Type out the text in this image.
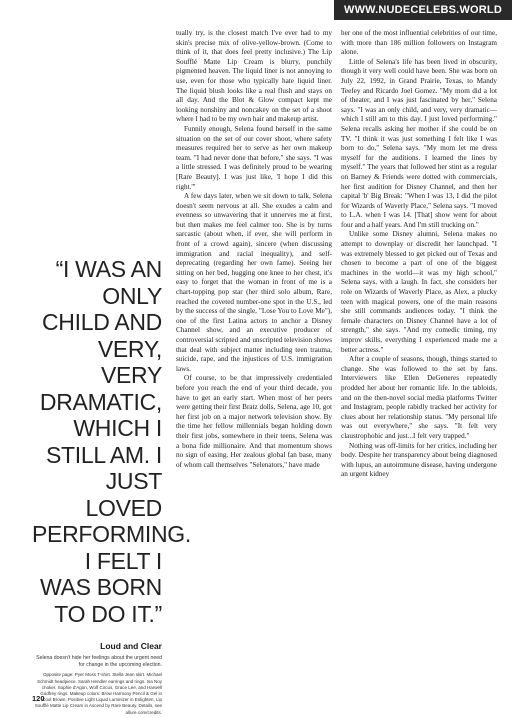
WWW.NUDECELEBS.WORLD
“I WAS AN ONLY CHILD AND VERY, VERY DRAMATIC, WHICH I STILL AM. I JUST LOVED PERFORMING. I FELT I WAS BORN TO DO IT.”
Loud and Clear
Selena doesn't hide her feelings about the urgent need for change in the upcoming election.
Opposite page: Pyer Moss T-shirt. Stella Jean skirt. Michael Schmidt headpiece. Sarah Hendler earrings and rings. Isa Noy choker. Sophie d'Agon, Wolf Circus, Grace Lee, and Harwell Godfrey rings. Makeup colors: Brow Harmony Pencil & Gel in Cool Brown, Positive Light Liquid Luminizer in Enlighten, Lip Soufflé Matte Lip Cream in Ascend by Rare Beauty. Details, see allure.com/credits.
120

tually try, is the closest match I've ever had to my skin's precise mix of olive-yellow-brown. (Come to think of it, that does feel pretty inclusive.) The Lip Soufflé Matte Lip Cream is blurry, punchily pigmented heaven. The liquid liner is not annoying to use, even for those who typically hate liquid liner. The liquid blush looks like a real flush and stays on all day. And the Blot & Glow compact kept me looking nonshiny and noncakey on the set of a shoot where I had to be my own hair and makeup artist.

Funnily enough, Selena found herself in the same situation on the set of our cover shoot, where safety measures required her to serve as her own makeup team. "I had never done that before," she says. "I was a little stressed. I was definitely proud to be wearing [Rare Beauty]. I was just like, 'I hope I did this right.'"

A few days later, when we sit down to talk, Selena doesn't seem nervous at all. She exudes a calm and evenness so unwavering that it unnerves me at first, but then makes me feel calmer too. She is by turns sarcastic (about when, if ever, she will perform in front of a crowd again), sincere (when discussing immigration and racial inequality), and self-deprecating (regarding her own fame). Seeing her sitting on her bed, hugging one knee to her chest, it's easy to forget that the woman in front of me is a chart-topping pop star (her third solo album, Rare, reached the coveted number-one spot in the U.S., led by the success of the single, "Lose You to Love Me"), one of the first Latina actors to anchor a Disney Channel show, and an executive producer of controversial scripted and unscripted television shows that deal with subject matter including teen trauma, suicide, rape, and the injustices of U.S. immigration laws.

Of course, to be that impressively credentialed before you reach the end of your third decade, you have to get an early start. When most of her peers were getting their first Bratz dolls, Selena, age 10, got her first job on a major network television show. By the time her fellow millennials began holding down their first jobs, somewhere in their teens, Selena was a bona fide millionaire. And that momentum shows no sign of easing. Her zealous global fan base, many of whom call themselves "Selenators," have made

her one of the most influential celebrities of our time, with more than 186 million followers on Instagram alone.

Little of Selena's life has been lived in obscurity, though it very well could have been. She was born on July 22, 1992, in Grand Prairie, Texas, to Mandy Teefey and Ricardo Joel Gomez. "My mom did a lot of theater, and I was just fascinated by her," Selena says. "I was an only child, and very, very dramatic—which I still am to this day. I just loved performing." Selena recalls asking her mother if she could be on TV. "I think it was just something I felt like I was born to do," Selena says. "My mom let me dress myself for the auditions. I learned the lines by myself." The years that followed her stint as a regular on Barney & Friends were dotted with commercials, her first audition for Disney Channel, and then her capital 'b' Big Break: "When I was 13, I did the pilot for Wizards of Waverly Place," Selena says. "I moved to L.A. when I was 14. [That] show went for about four and a half years. And I'm still trucking on."

Unlike some Disney alumni, Selena makes no attempt to downplay or discredit her launchpad. "I was extremely blessed to get picked out of Texas and chosen to become a part of one of the biggest machines in the world—it was my high school," Selena says, with a laugh. In fact, she considers her role on Wizards of Waverly Place, as Alex, a plucky teen with magical powers, one of the main reasons she still commands audiences today. "I think the female characters on Disney Channel have a lot of strength," she says. "And my comedic timing, my improv skills, everything I experienced made me a better actress."

After a couple of seasons, though, things started to change. She was followed to the set by fans. Interviewers like Ellen DeGeneres repeatedly prodded her about her romantic life. In the tabloids, and on the then-novel social media platforms Twitter and Instagram, people rabidly tracked her activity for clues about her relationship status. "My personal life was out everywhere," she says. "It felt very claustrophobic and just...I felt very trapped."

Nothing was off-limits for her critics, including her body. Despite her transparency about being diagnosed with lupus, an autoimmune disease, having undergone an urgent kidney
